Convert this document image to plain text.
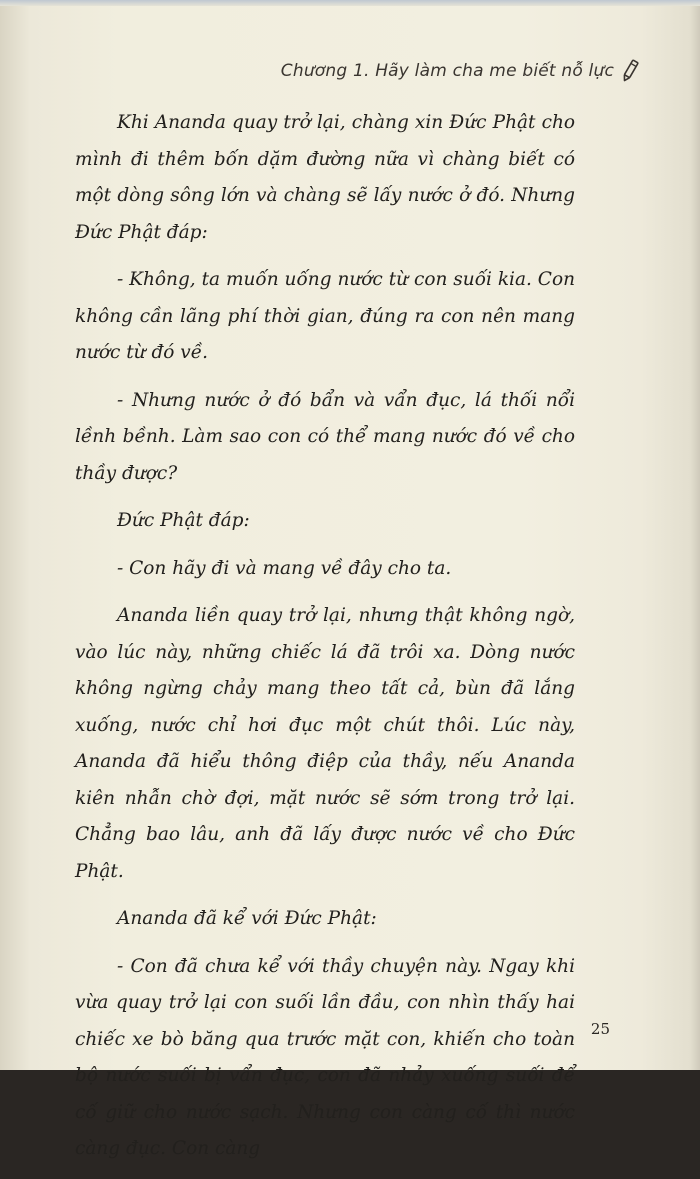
Chương 1. Hãy làm cha me biết nỗ lực

Khi Ananda quay trở lại, chàng xin Đức Phật cho mình đi thêm bốn dặm đường nữa vì chàng biết có một dòng sông lớn và chàng sẽ lấy nước ở đó. Nhưng Đức Phật đáp:

- Không, ta muốn uống nước từ con suối kia. Con không cần lãng phí thời gian, đúng ra con nên mang nước từ đó về.

- Nhưng nước ở đó bẩn và vẩn đục, lá thối nổi lềnh bềnh. Làm sao con có thể mang nước đó về cho thầy được?

Đức Phật đáp:

- Con hãy đi và mang về đây cho ta.

Ananda liền quay trở lại, nhưng thật không ngờ, vào lúc này, những chiếc lá đã trôi xa. Dòng nước không ngừng chảy mang theo tất cả, bùn đã lắng xuống, nước chỉ hơi đục một chút thôi. Lúc này, Ananda đã hiểu thông điệp của thầy, nếu Ananda kiên nhẫn chờ đợi, mặt nước sẽ sớm trong trở lại. Chẳng bao lâu, anh đã lấy được nước về cho Đức Phật.

Ananda đã kể với Đức Phật:

- Con đã chưa kể với thầy chuyện này. Ngay khi vừa quay trở lại con suối lần đầu, con nhìn thấy hai chiếc xe bò băng qua trước mặt con, khiến cho toàn bộ nước suối bị vẩn đục, con đã nhảy xuống suối để cố giữ cho nước sạch. Nhưng con càng cố thì nước càng đục. Con càng

25
